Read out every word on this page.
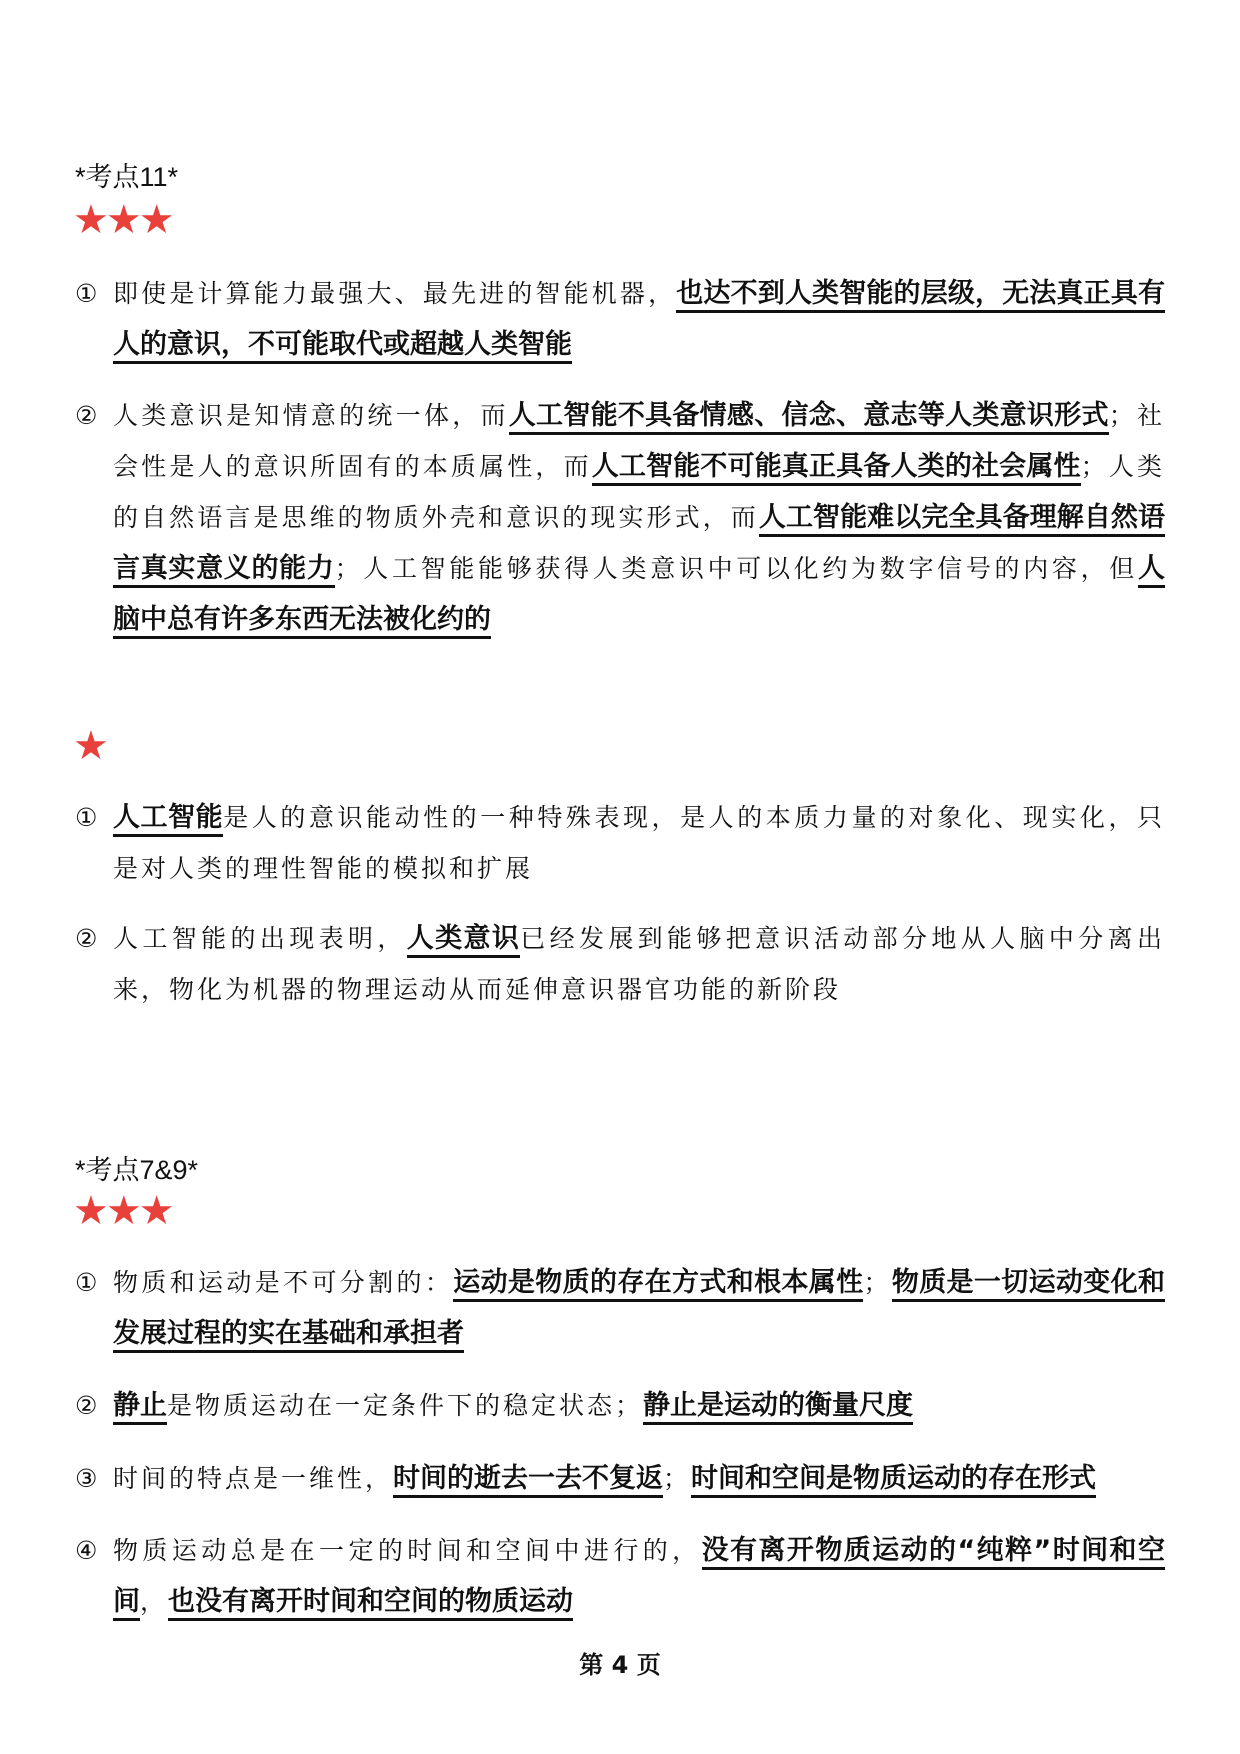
*考点11*
★★★
① 即使是计算能力最强大、最先进的智能机器，也达不到人类智能的层级，无法真正具有人的意识，不可能取代或超越人类智能
② 人类意识是知情意的统一体，而人工智能不具备情感、信念、意志等人类意识形式；社会性是人的意识所固有的本质属性，而人工智能不可能真正具备人类的社会属性；人类的自然语言是思维的物质外壳和意识的现实形式，而人工智能难以完全具备理解自然语言真实意义的能力；人工智能能够获得人类意识中可以化约为数字信号的内容，但人脑中总有许多东西无法被化约的
★
① 人工智能是人的意识能动性的一种特殊表现，是人的本质力量的对象化、现实化，只是对人类的理性智能的模拟和扩展
② 人工智能的出现表明，人类意识已经发展到能够把意识活动部分地从人脑中分离出来，物化为机器的物理运动从而延伸意识器官功能的新阶段
*考点7&9*
★★★
① 物质和运动是不可分割的：运动是物质的存在方式和根本属性；物质是一切运动变化和发展过程的实在基础和承担者
② 静止是物质运动在一定条件下的稳定状态；静止是运动的衡量尺度
③ 时间的特点是一维性，时间的逝去一去不复返；时间和空间是物质运动的存在形式
④ 物质运动总是在一定的时间和空间中进行的，没有离开物质运动的“纯粹”时间和空间，也没有离开时间和空间的物质运动
第 4 页
